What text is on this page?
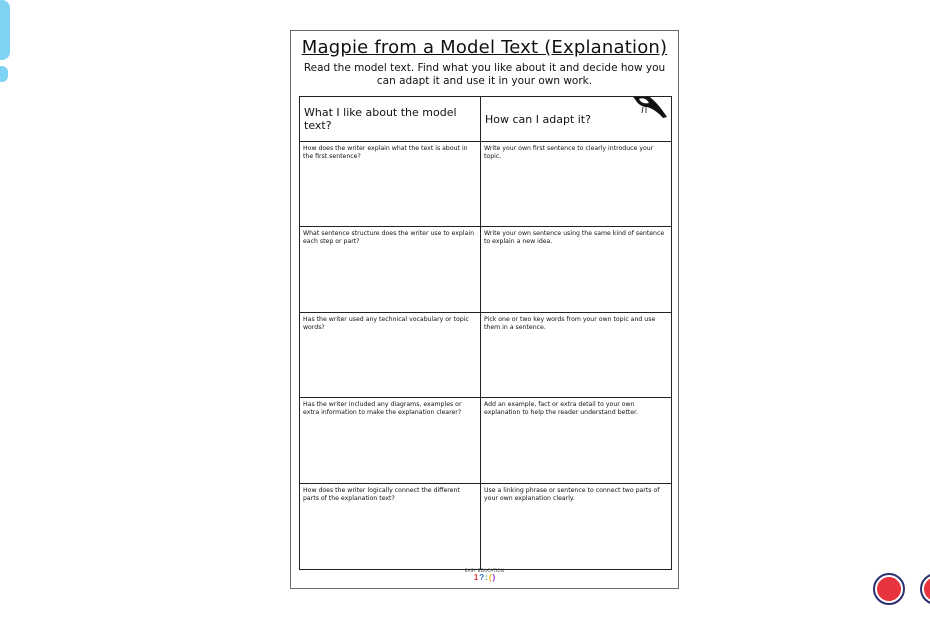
Magpie from a Model Text (Explanation)
Read the model text. Find what you like about it and decide how you can adapt it and use it in your own work.
What I like about the model text?	How can I adapt it?
How does the writer explain what the text is about in the first sentence?
Write your own first sentence to clearly introduce your topic.
What sentence structure does the writer use to explain each step or part?
Write your own sentence using the same kind of sentence to explain a new idea.
Has the writer used any technical vocabulary or topic words?
Pick one or two key words from your own topic and use them in a sentence.
Has the writer included any diagrams, examples or extra information to make the explanation clearer?
Add an example, fact or extra detail to your own explanation to help the reader understand better.
How does the writer logically connect the different parts of the explanation text?
Use a linking phrase or sentence to connect two parts of your own explanation clearly.
EASY EDUCATION
1?:()
